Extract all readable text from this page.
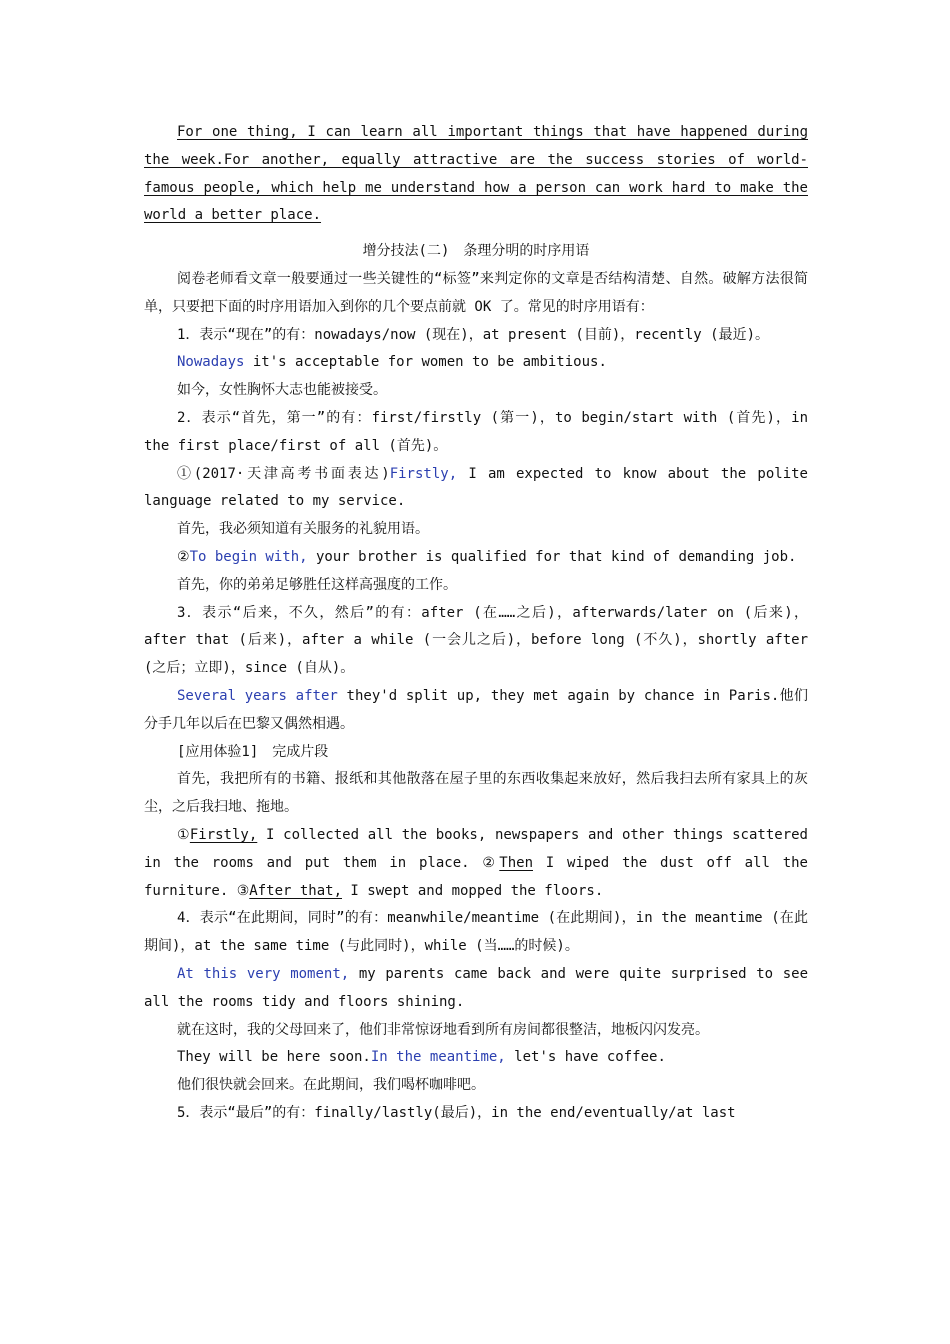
For one thing, I can learn all important things that have happened during the week.For another, equally attractive are the success stories of world-famous people, which help me understand how a person can work hard to make the world a better place.

增分技法(二)　条理分明的时序用语

阅卷老师看文章一般要通过一些关键性的“标签”来判定你的文章是否结构清楚、自然。破解方法很简单，只要把下面的时序用语加入到你的几个要点前就 OK 了。常见的时序用语有：

1．表示“现在”的有：nowadays/now (现在)，at present (目前)，recently (最近)。

Nowadays it's acceptable for women to be ambitious.

如今，女性胸怀大志也能被接受。

2．表示“首先，第一”的有：first/firstly (第一)，to begin/start with (首先)，in the first place/first of all (首先)。

①(2017·天津高考书面表达)Firstly, I am expected to know about the polite language related to my service.

首先，我必须知道有关服务的礼貌用语。

②To begin with, your brother is qualified for that kind of demanding job.

首先，你的弟弟足够胜任这样高强度的工作。

3．表示“后来，不久，然后”的有：after (在……之后)，afterwards/later on (后来)，after that (后来)，after a while (一会儿之后)，before long (不久)，shortly after (之后；立即)，since (自从)。

Several years after they'd split up, they met again by chance in Paris.他们分手几年以后在巴黎又偶然相遇。

[应用体验1]　完成片段

首先，我把所有的书籍、报纸和其他散落在屋子里的东西收集起来放好，然后我扫去所有家具上的灰尘，之后我扫地、拖地。

①Firstly, I collected all the books, newspapers and other things scattered in the rooms and put them in place. ②Then I wiped the dust off all the furniture. ③After that, I swept and mopped the floors.

4．表示“在此期间，同时”的有：meanwhile/meantime (在此期间)，in the meantime (在此期间)，at the same time (与此同时)，while (当……的时候)。

At this very moment, my parents came back and were quite surprised to see all the rooms tidy and floors shining.

就在这时，我的父母回来了，他们非常惊讶地看到所有房间都很整洁，地板闪闪发亮。

They will be here soon.In the meantime, let's have coffee.

他们很快就会回来。在此期间，我们喝杯咖啡吧。

5．表示“最后”的有：finally/lastly(最后)，in the end/eventually/at last
